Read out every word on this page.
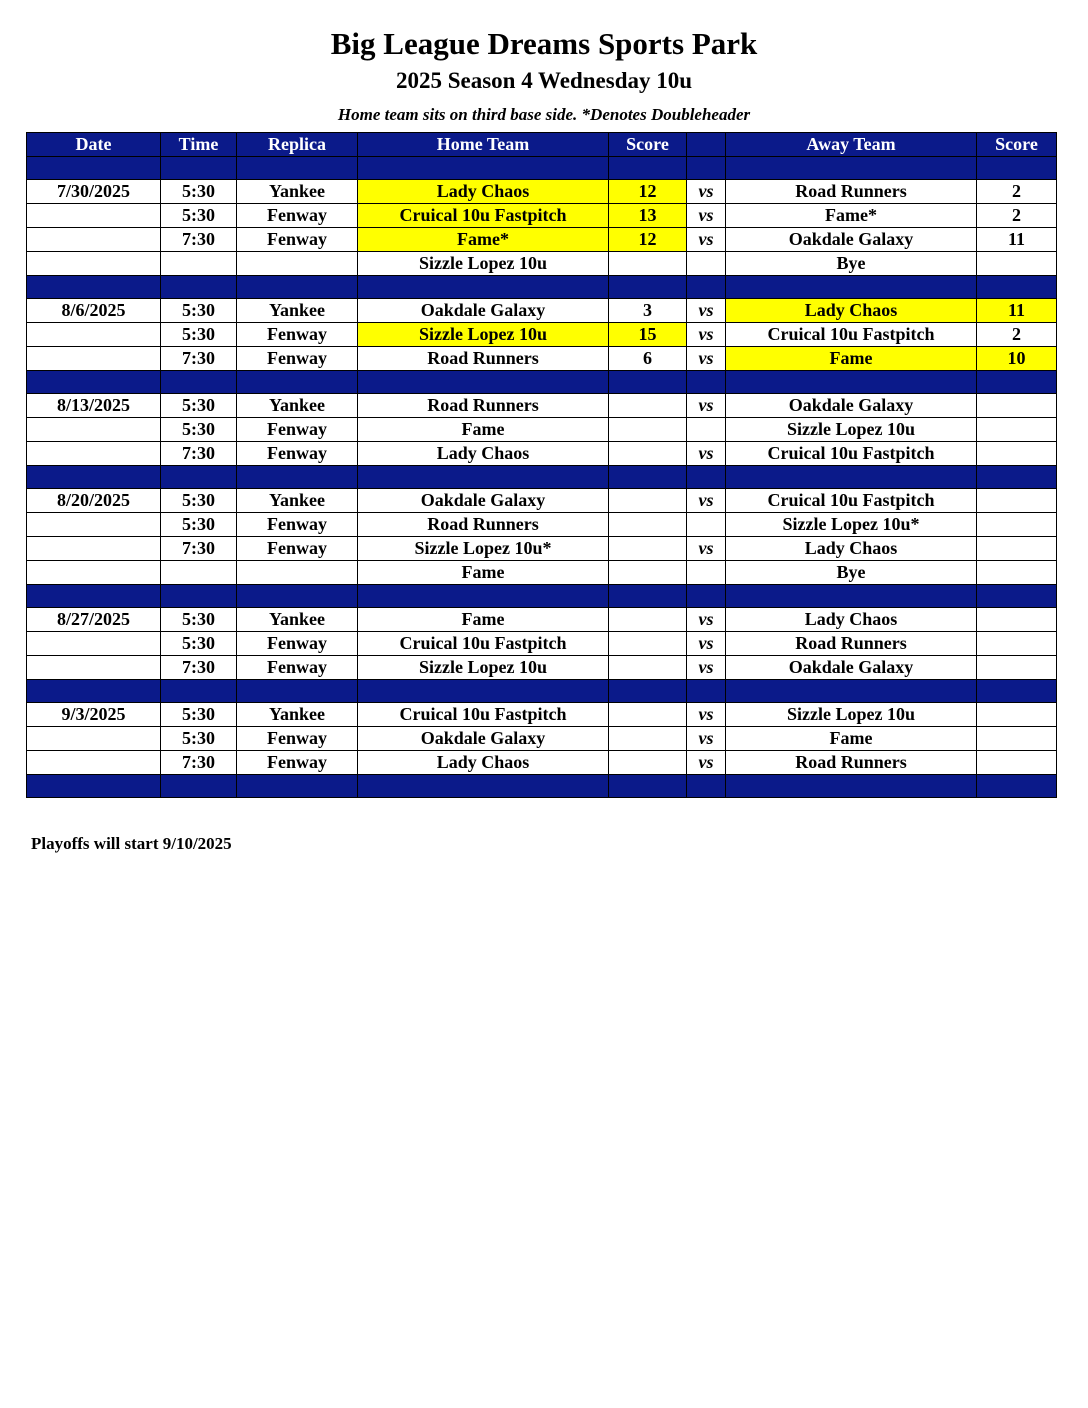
Big League Dreams Sports Park
2025 Season 4 Wednesday 10u
Home team sits on third base side. *Denotes Doubleheader
Date	Time	Replica	Home Team	Score		Away Team	Score

7/30/2025	5:30	Yankee	Lady Chaos	12	vs	Road Runners	2
	5:30	Fenway	Cruical 10u Fastpitch	13	vs	Fame*	2
	7:30	Fenway	Fame*	12	vs	Oakdale Galaxy	11
			Sizzle Lopez 10u			Bye	

8/6/2025	5:30	Yankee	Oakdale Galaxy	3	vs	Lady Chaos	11
	5:30	Fenway	Sizzle Lopez 10u	15	vs	Cruical 10u Fastpitch	2
	7:30	Fenway	Road Runners	6	vs	Fame	10

8/13/2025	5:30	Yankee	Road Runners		vs	Oakdale Galaxy	
	5:30	Fenway	Fame			Sizzle Lopez 10u	
	7:30	Fenway	Lady Chaos		vs	Cruical 10u Fastpitch	

8/20/2025	5:30	Yankee	Oakdale Galaxy		vs	Cruical 10u Fastpitch	
	5:30	Fenway	Road Runners			Sizzle Lopez 10u*	
	7:30	Fenway	Sizzle Lopez 10u*		vs	Lady Chaos	
			Fame			Bye	

8/27/2025	5:30	Yankee	Fame		vs	Lady Chaos	
	5:30	Fenway	Cruical 10u Fastpitch		vs	Road Runners	
	7:30	Fenway	Sizzle Lopez 10u		vs	Oakdale Galaxy	

9/3/2025	5:30	Yankee	Cruical 10u Fastpitch		vs	Sizzle Lopez 10u	
	5:30	Fenway	Oakdale Galaxy		vs	Fame	
	7:30	Fenway	Lady Chaos		vs	Road Runners	

Playoffs will start 9/10/2025
